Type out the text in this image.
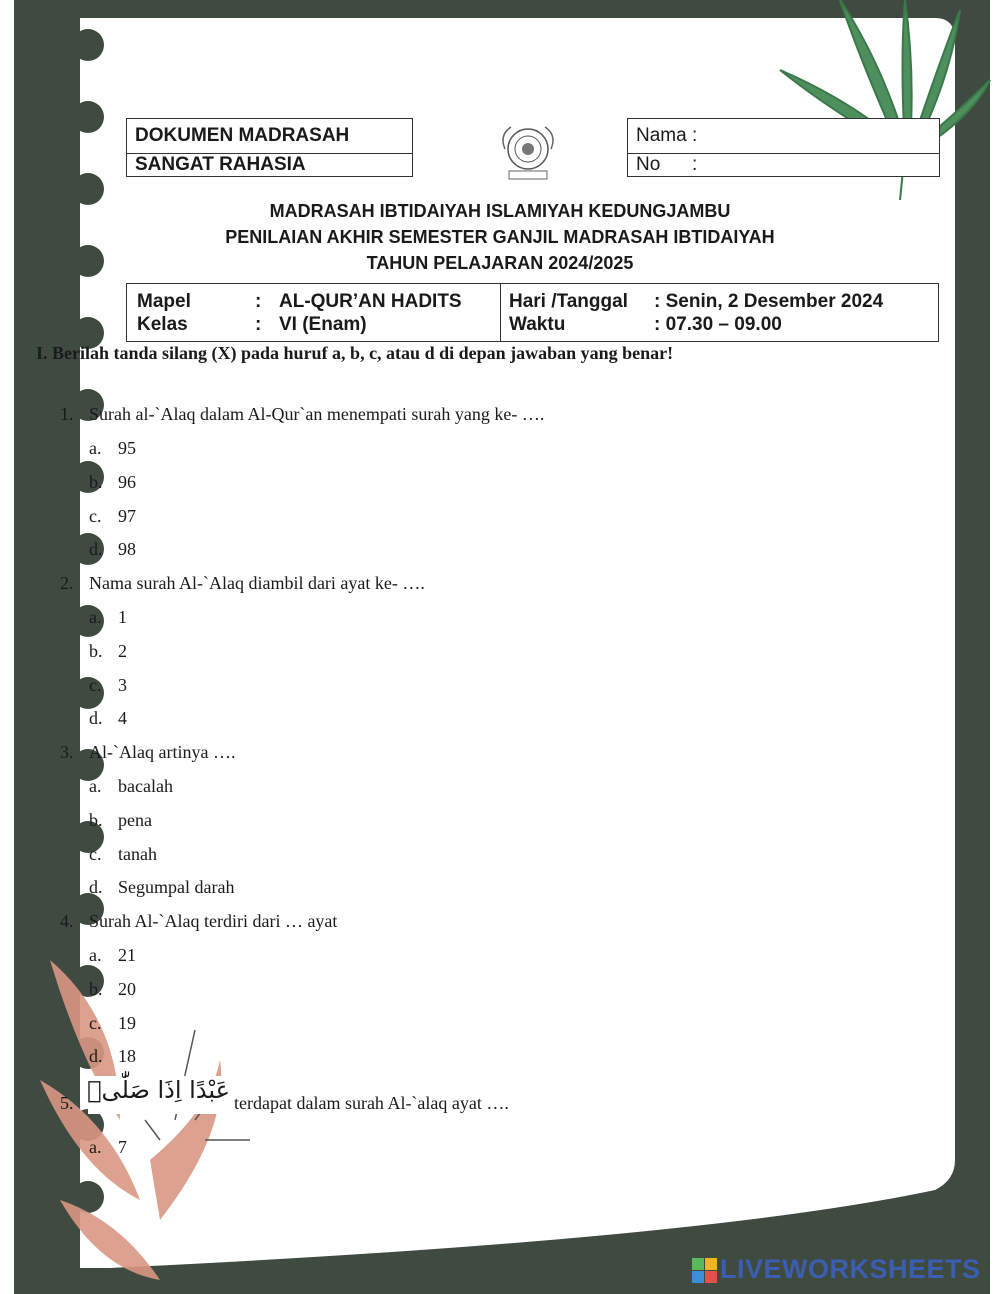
DOKUMEN MADRASAH
SANGAT RAHASIA
Nama :
No      :
MADRASAH IBTIDAIYAH ISLAMIYAH KEDUNGJAMBU
PENILAIAN AKHIR SEMESTER GANJIL MADRASAH IBTIDAIYAH
TAHUN PELAJARAN 2024/2025
Mapel	: AL-QUR’AN HADITS
Kelas	: VI (Enam)
Hari /Tanggal : Senin, 2 Desember 2024
Waktu	: 07.30 – 09.00
I. Berilah tanda silang (X) pada huruf a, b, c, atau d di depan jawaban yang benar!
1. Surah al-`Alaq dalam Al-Qur`an menempati surah yang ke- ….
a. 95
b. 96
c. 97
d. 98
2. Nama surah Al-`Alaq diambil dari ayat ke- ….
a. 1
b. 2
c. 3
d. 4
3. Al-`Alaq artinya ….
a. bacalah
b. pena
c. tanah
d. Segumpal darah
4. Surah Al-`Alaq terdiri dari … ayat
a. 21
b. 20
c. 19
d. 18
5. عَبْدًا اِذَا صَلّٰىۗ terdapat dalam surah Al-`alaq ayat ….
a. 7
LIVEWORKSHEETS
